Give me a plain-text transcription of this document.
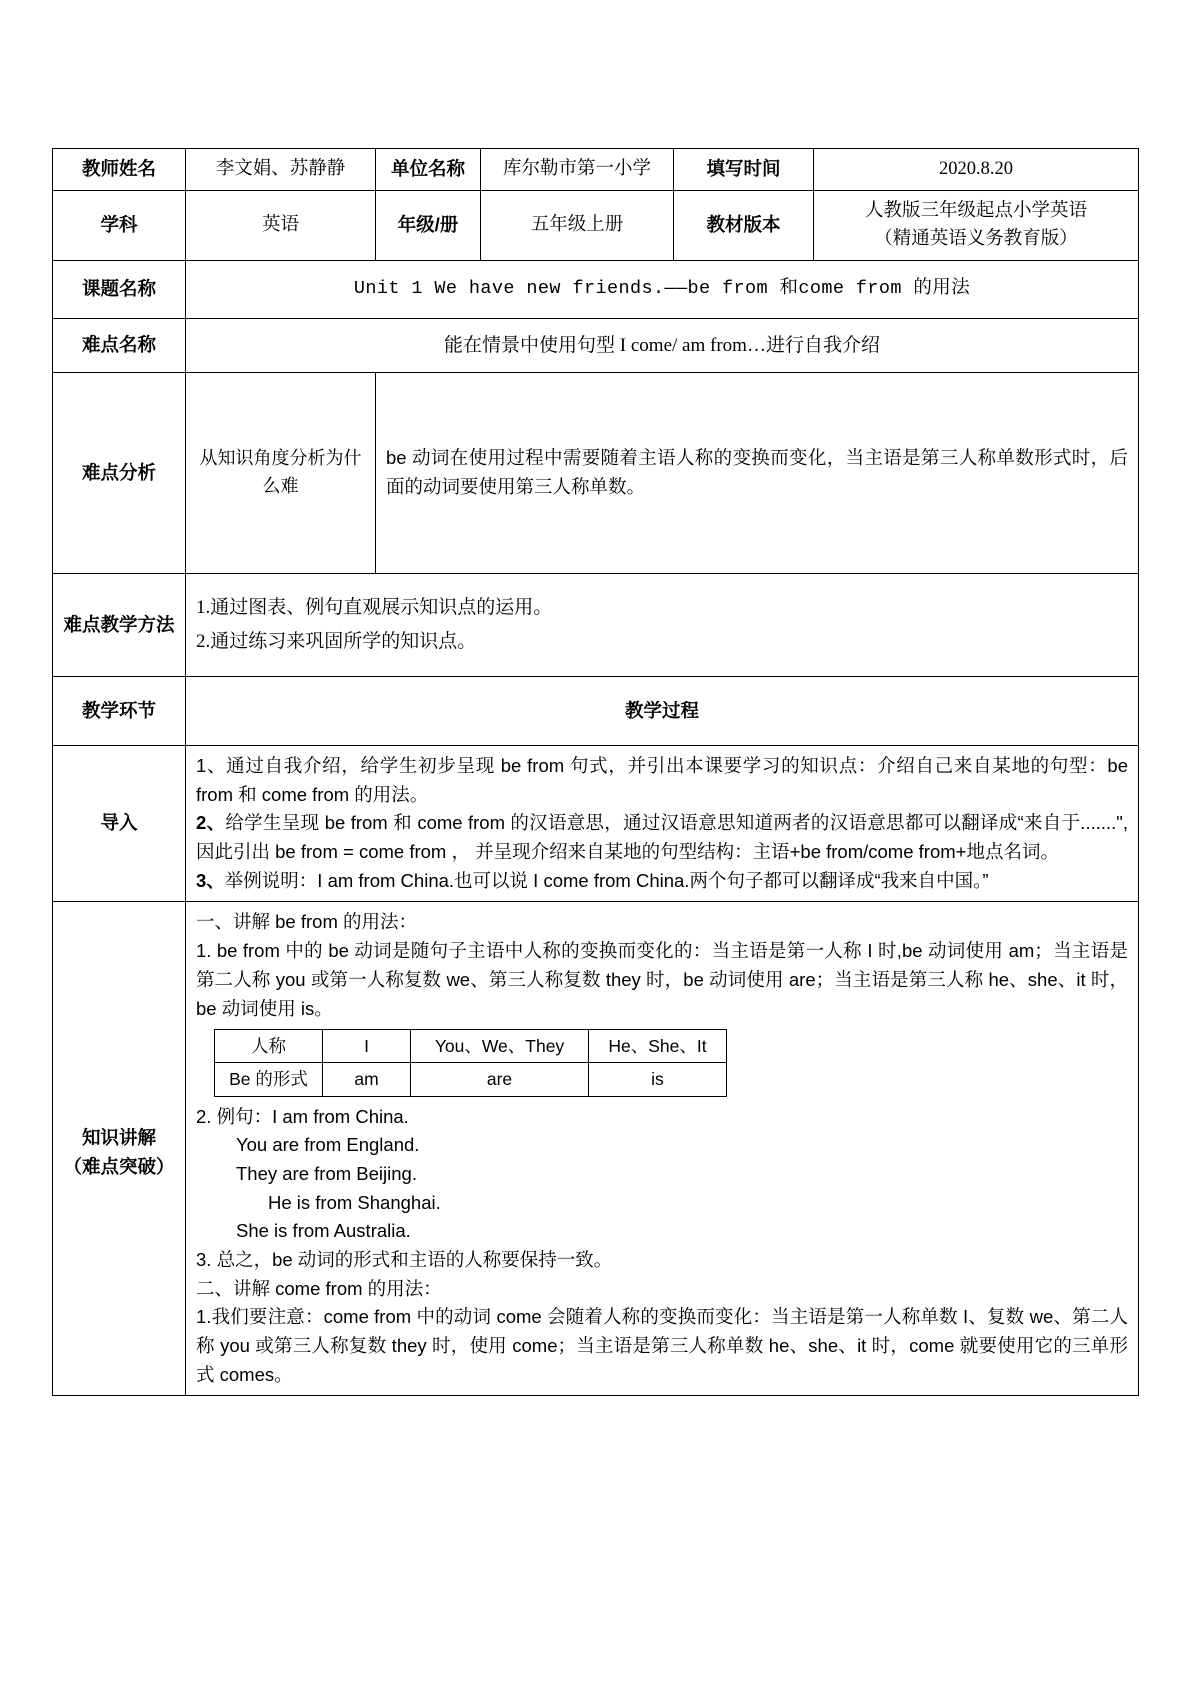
教师姓名	李文娟、苏静静	单位名称	库尔勒市第一小学	填写时间	2020.8.20
学科	英语	年级/册	五年级上册	教材版本	
人教版三年级起点小学英语
（精通英语义务教育版）

课题名称	Unit 1 We have new friends.——be from 和come from 的用法
难点名称	能在情景中使用句型 I come/ am from…进行自我介绍
难点分析	从知识角度分析为什么难	be 动词在使用过程中需要随着主语人称的变换而变化，当主语是第三人称单数形式时，后面的动词要使用第三人称单数。
难点教学方法	
1.通过图表、例句直观展示知识点的运用。
2.通过练习来巩固所学的知识点。

教学环节	教学过程
导入	

1、通过自我介绍，给学生初步呈现 be from 句式，并引出本课要学习的知识点：介绍自己来自某地的句型：be from 和 come from 的用法。

2、给学生呈现 be from 和 come from 的汉语意思，通过汉语意思知道两者的汉语意思都可以翻译成“来自于.......",因此引出 be from = come from ， 并呈现介绍来自某地的句型结构：主语+be from/come from+地点名词。

3、举例说明：I am from China.也可以说 I come from China.两个句子都可以翻译成“我来自中国。”

知识讲解
（难点突破）

一、讲解 be from 的用法：

1. be from 中的 be 动词是随句子主语中人称的变换而变化的：当主语是第一人称 I 时,be 动词使用 am；当主语是第二人称 you 或第一人称复数 we、第三人称复数 they 时，be 动词使用 are；当主语是第三人称 he、she、it 时，be 动词使用 is。

人称	I	You、We、They	He、She、It
Be 的形式	am	are	is

2. 例句：I am from China.

You are from England.

They are from Beijing.

He is from Shanghai.

She is from Australia.

3. 总之，be 动词的形式和主语的人称要保持一致。

二、讲解 come from 的用法：

1.我们要注意：come from 中的动词 come 会随着人称的变换而变化：当主语是第一人称单数 I、复数 we、第二人称 you 或第三人称复数 they 时，使用 come；当主语是第三人称单数 he、she、it 时，come 就要使用它的三单形式 comes。
